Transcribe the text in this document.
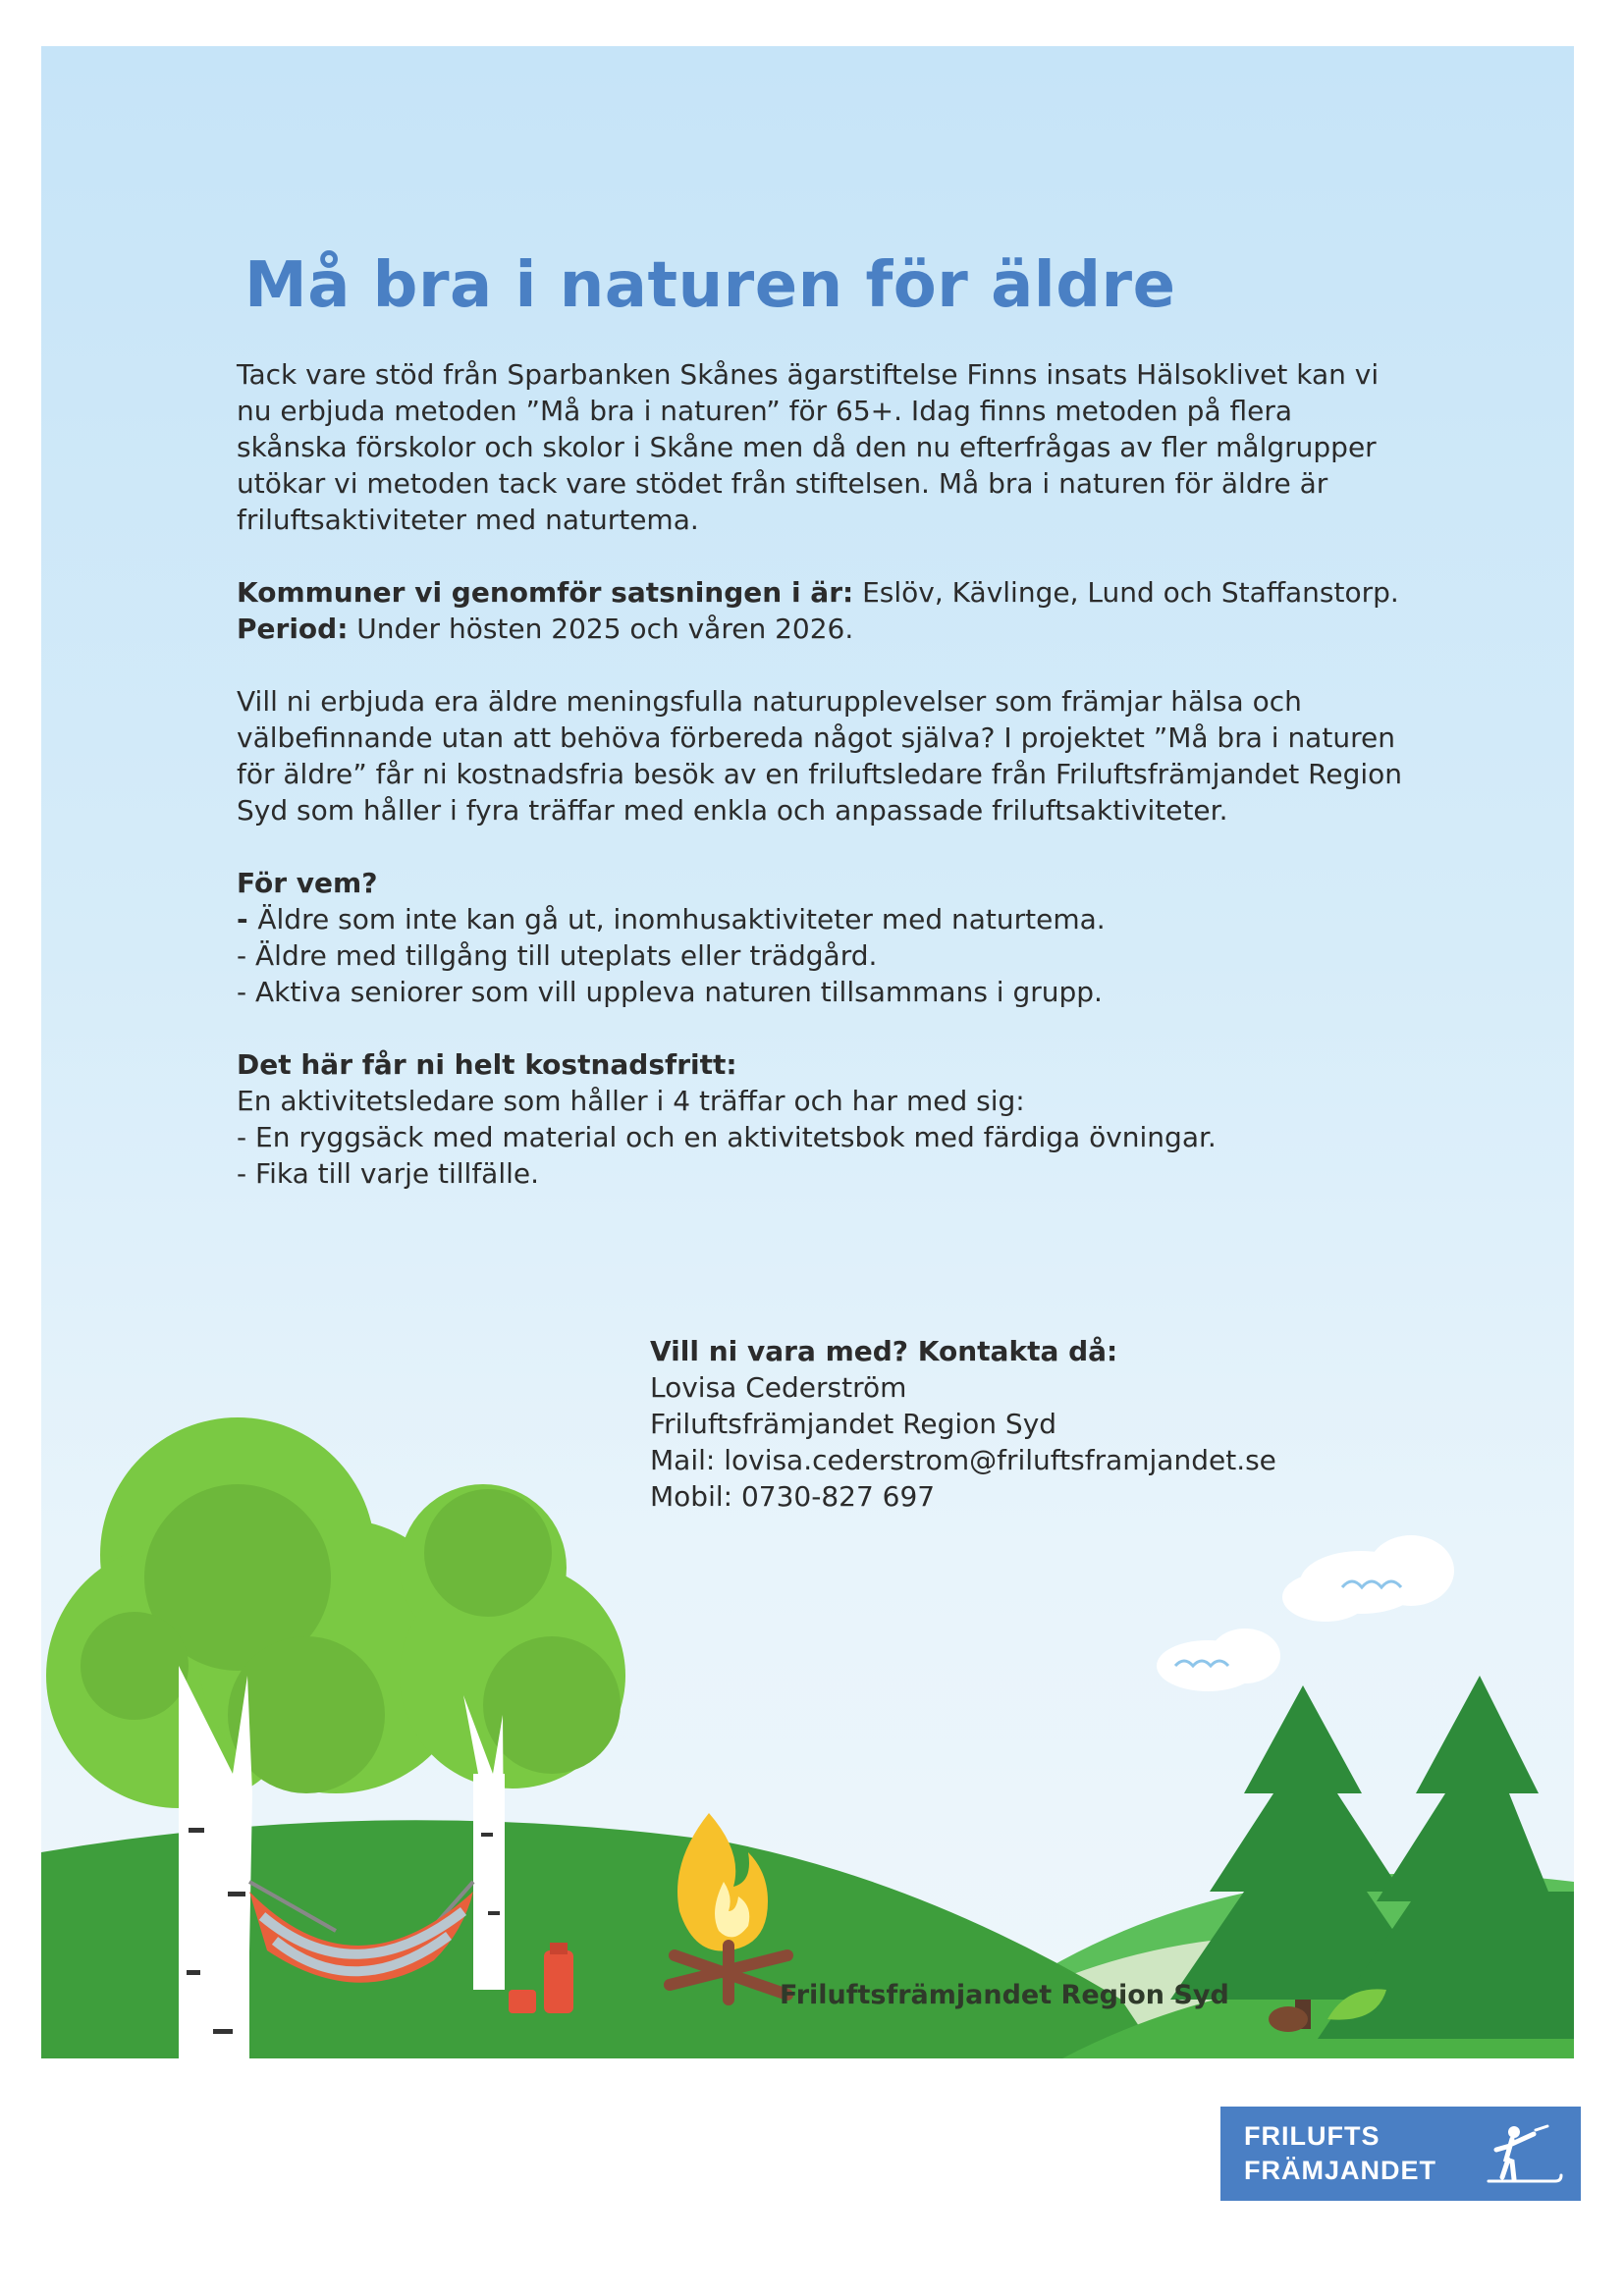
Må bra i naturen för äldre

Tack vare stöd från Sparbanken Skånes ägarstiftelse Finns insats Hälsoklivet kan vi nu erbjuda metoden ”Må bra i naturen” för 65+. Idag finns metoden på flera skånska förskolor och skolor i Skåne men då den nu efterfrågas av fler målgrupper utökar vi metoden tack vare stödet från stiftelsen. Må bra i naturen för äldre är friluftsaktiviteter med naturtema.

Kommuner vi genomför satsningen i är: Eslöv, Kävlinge, Lund och Staffanstorp.

Period: Under hösten 2025 och våren 2026.

Vill ni erbjuda era äldre meningsfulla naturupplevelser som främjar hälsa och välbefinnande utan att behöva förbereda något själva? I projektet ”Må bra i naturen för äldre” får ni kostnadsfria besök av en friluftsledare från Friluftsfrämjandet Region Syd som håller i fyra träffar med enkla och anpassade friluftsaktiviteter.

För vem?

- Äldre som inte kan gå ut, inomhusaktiviteter med naturtema.

- Äldre med tillgång till uteplats eller trädgård.

- Aktiva seniorer som vill uppleva naturen tillsammans i grupp.

Det här får ni helt kostnadsfritt:

En aktivitetsledare som håller i 4 träffar och har med sig:

- En ryggsäck med material och en aktivitetsbok med färdiga övningar.

- Fika till varje tillfälle.

Vill ni vara med? Kontakta då:

Lovisa Cederström

Friluftsfrämjandet Region Syd

Mail: lovisa.cederstrom@friluftsframjandet.se

Mobil: 0730-827 697

Friluftsfrämjandet Region Syd
FRILUFTS
FRÄMJANDET
